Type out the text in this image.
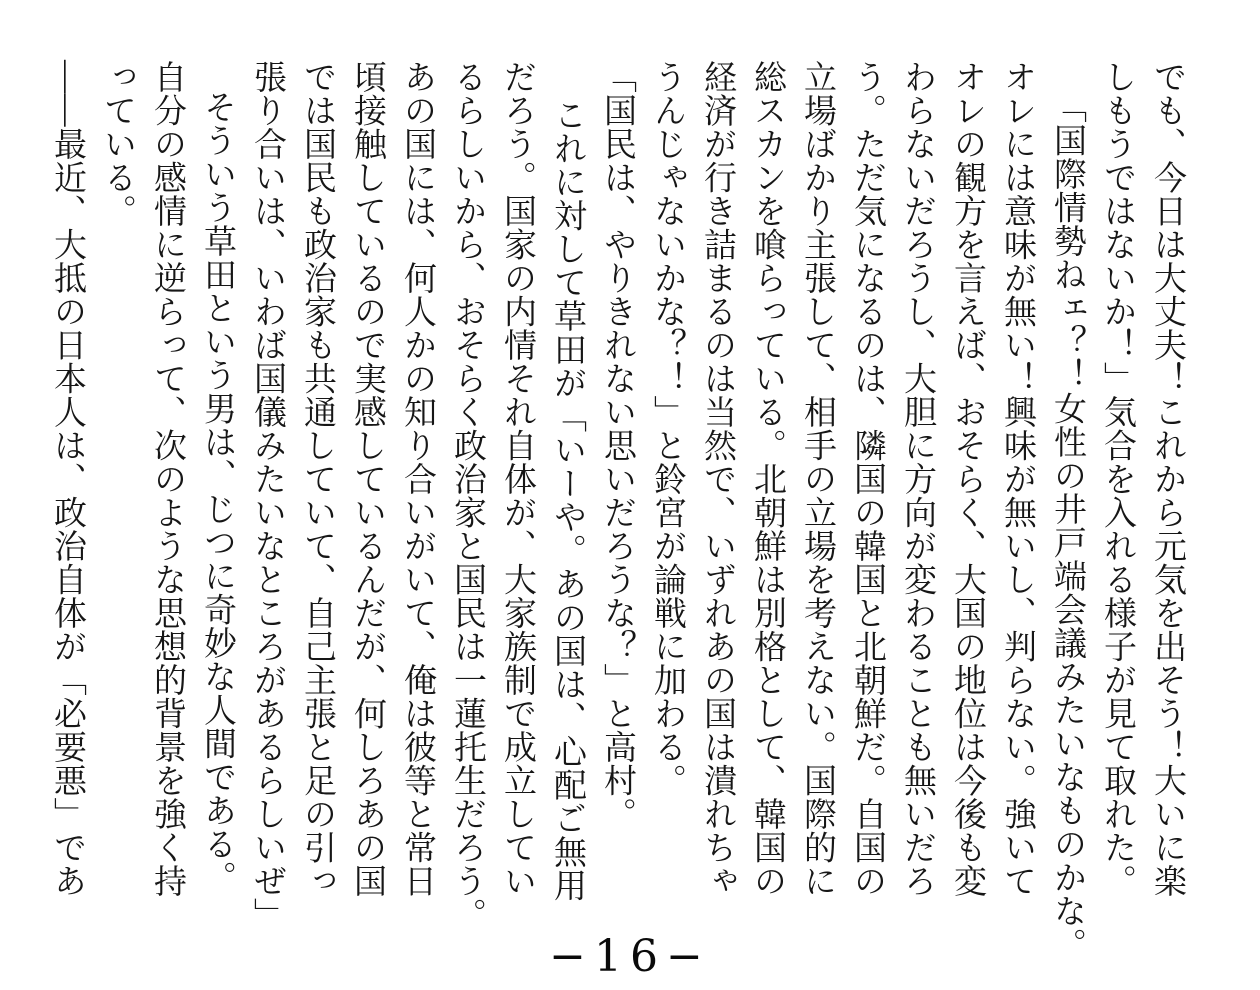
でも、今日は大丈夫！これから元気を出そう！大いに楽
しもうではないか！」気合を入れる様子が見て取れた。
「国際情勢ねェ？！女性の井戸端会議みたいなものかな。
オレには意味が無い！興味が無いし、判らない。強いて
オレの観方を言えば、おそらく、大国の地位は今後も変
わらないだろうし、大胆に方向が変わることも無いだろ
う。ただ気になるのは、隣国の韓国と北朝鮮だ。自国の
立場ばかり主張して、相手の立場を考えない。国際的に
総スカンを喰らっている。北朝鮮は別格として、韓国の
経済が行き詰まるのは当然で、いずれあの国は潰れちゃ
うんじゃないかな？！」と鈴宮が論戦に加わる。
「国民は、やりきれない思いだろうな？」と高村。
これに対して草田が「いーや。あの国は、心配ご無用
だろう。国家の内情それ自体が、大家族制で成立してい
るらしいから、おそらく政治家と国民は一蓮托生だろう。
あの国には、何人かの知り合いがいて、俺は彼等と常日
頃接触しているので実感しているんだが、何しろあの国
では国民も政治家も共通していて、自己主張と足の引っ
張り合いは、いわば国儀みたいなところがあるらしいぜ」
そういう草田という男は、じつに奇妙な人間である。
自分の感情に逆らって、次のような思想的背景を強く持
っている。
――最近、大抵の日本人は、政治自体が「必要悪」であ
−16−
